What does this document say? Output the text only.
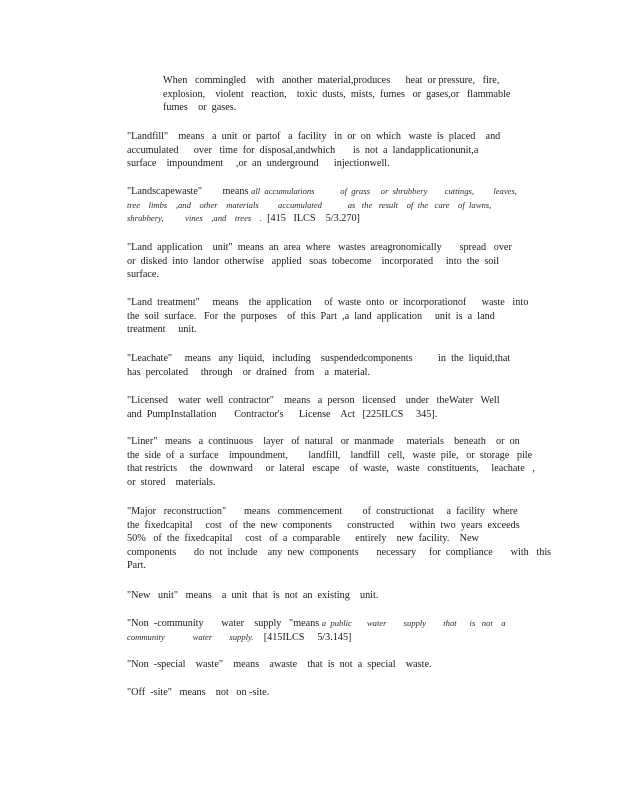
When   commingled    with   another  material,produces      heat  or pressure,   fire,
explosion,    violent   reaction,    toxic  dusts,  mists,  fumes   or  gases,or   flammable
fumes    or  gases.
"Landfill"    means   a  unit  or  partof   a  facility   in  or  on  which   waste  is  placed    and
accumulated      over   time  for  disposal,andwhich       is  not  a  landapplicationunit,a
surface    impoundment     ,or  an  underground      injectionwell.
"Landscapewaste" means all  accumulations            of  grass     or  shrubbery        cuttings,         leaves,
tree    limbs    ,and    other    materials         accumulated            as   the   result    of  the   care    of  lawns,
shrubbery,          vines    ,and    trees    . [415   ILCS    5/3.270]
"Land  application    unit"  means  an  area  where   wastes  areagronomically       spread   over
or  disked  into  landor  otherwise   applied   soas  tobecome    incorporated     into  the  soil
surface.
"Land  treatment"     means    the  application     of  waste  onto  or  incorporationof      waste   into
the  soil  surface.   For  the  purposes    of  this  Part  ,a  land  application     unit  is  a  land
treatment     unit.
"Leachate"     means   any  liquid,   including    suspendedcomponents          in  the  liquid,that
has  percolated     through    or  drained   from    a  material.
"Licensed    water  well  contractor"    means   a  person   licensed    under   theWater   Well
and  PumpInstallation       Contractor's      License    Act   [225ILCS     345].
"Liner"   means   a  continuous    layer   of  natural   or  manmade     materials    beneath    or  on
the  side  of  a  surface    impoundment,        landfill,    landfill   cell,   waste  pile,   or  storage   pile
that restricts     the   downward     or  lateral   escape    of  waste,   waste   constituents,     leachate   ,
or  stored    materials.
"Major   reconstruction"       means   commencement        of  constructionat     a  facility   where
the  fixedcapital     cost   of  the  new  components      constructed      within  two  years  exceeds
50%   of  the  fixedcapital     cost   of  a  comparable      entirely    new  facility.    New
components       do  not  include    any  new  components       necessary     for  compliance       with   this
Part.
"New   unit"   means    a  unit  that  is  not  an  existing    unit.
"Non  -community       water    supply   "means a  public       water        supply        that      is   not    a
community             water        supply. [415ILCS     5/3.145]
"Non  -special    waste"    means    awaste    that  is  not  a  special    waste.
"Off  -site"   means    not   on -site.
